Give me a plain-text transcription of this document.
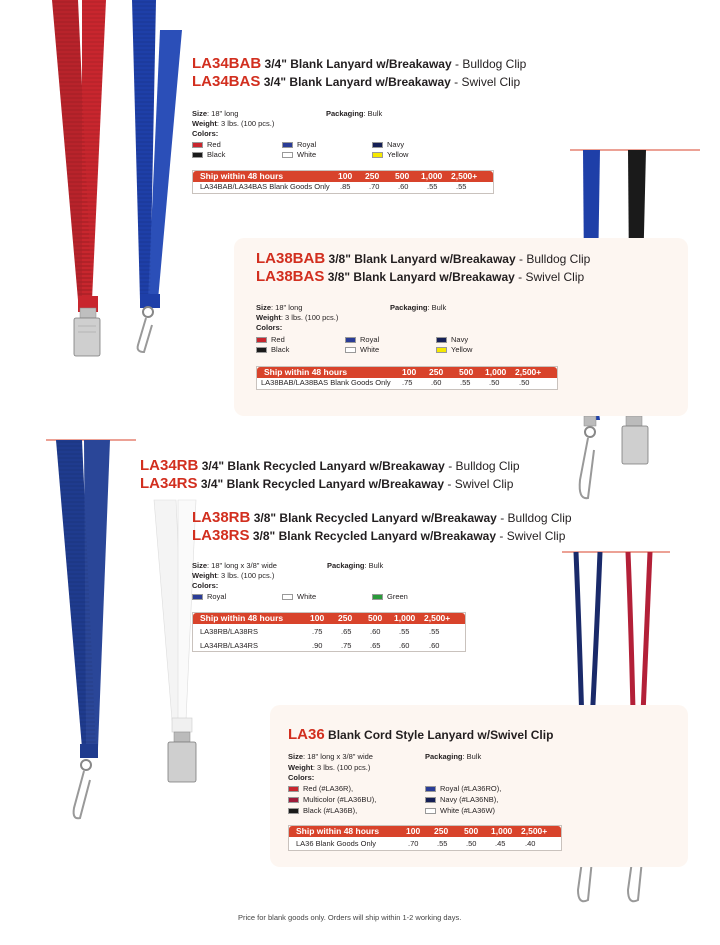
LA34BAB 3/4" Blank Lanyard w/Breakaway - Bulldog Clip
LA34BAS 3/4" Blank Lanyard w/Breakaway - Swivel Clip
Size: 18" long	Packaging: Bulk
Weight: 3 lbs. (100 pcs.)
Colors:
Red	Royal	Navy
Black	White	Yellow
Ship within 48 hours	100 250 500 1,000 2,500+
LA34BAB/LA34BAS Blank Goods Only .85 .70 .60 .55 .55
LA38BAB 3/8" Blank Lanyard w/Breakaway - Bulldog Clip
LA38BAS 3/8" Blank Lanyard w/Breakaway - Swivel Clip
Size: 18" long	Packaging: Bulk
Weight: 3 lbs. (100 pcs.)
Colors:
Red	Royal	Navy
Black	White	Yellow
Ship within 48 hours	100 250 500 1,000 2,500+
LA38BAB/LA38BAS Blank Goods Only .75 .60 .55 .50	.50
LA34RB 3/4" Blank Recycled Lanyard w/Breakaway - Bulldog Clip
LA34RS 3/4" Blank Recycled Lanyard w/Breakaway - Swivel Clip
LA38RB 3/8" Blank Recycled Lanyard w/Breakaway - Bulldog Clip
LA38RS 3/8" Blank Recycled Lanyard w/Breakaway - Swivel Clip
Size: 18" long x 3/8" wide	Packaging: Bulk
Weight: 3 lbs. (100 pcs.)
Colors:
Royal	White	Green
Ship within 48 hours	100 250 500 1,000 2,500+
LA38RB/LA38RS	.75 .65 .60 .55	.55
LA34RB/LA34RS	.90 .75 .65 .60	.60
LA36 Blank Cord Style Lanyard w/Swivel Clip
Size: 18" long x 3/8" wide	Packaging: Bulk
Weight: 3 lbs. (100 pcs.)
Colors:
Red (#LA36R),	Royal (#LA36RO),
Multicolor (#LA36BU),	Navy (#LA36NB),
Black (#LA36B),	White (#LA36W)
Ship within 48 hours	100 250 500 1,000 2,500+
LA36 Blank Goods Only	.70 .55 .50 .45	.40
Price for blank goods only. Orders will ship within 1-2 working days.
